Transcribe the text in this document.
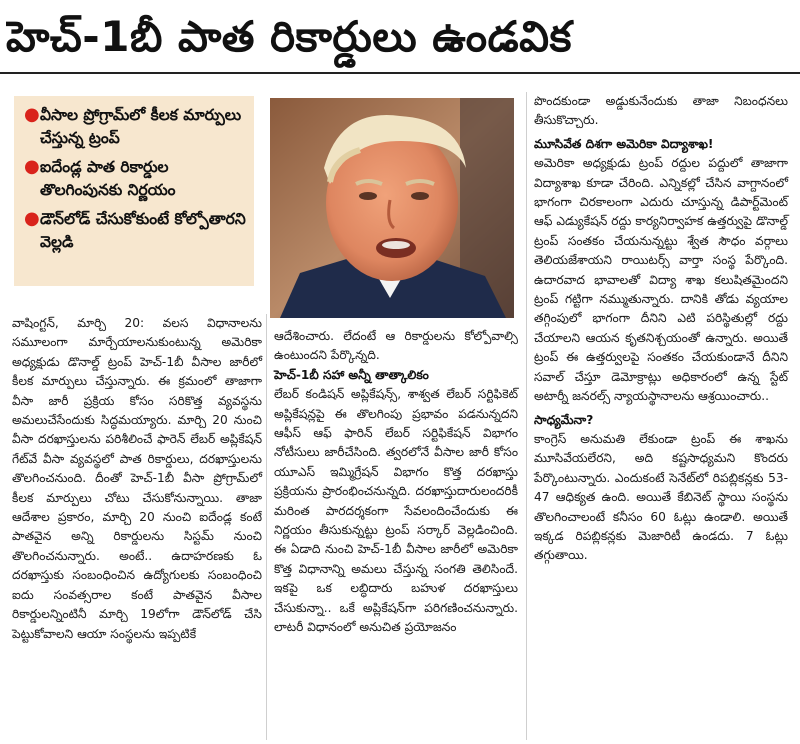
హెచ్-1బీ పాత రికార్డులు ఉండవిక
● వీసాల ప్రోగ్రామ్‌లో కీలక మార్పులు చేస్తున్న ట్రంప్
● ఐదేండ్ల పాత రికార్డుల తొలగింపునకు నిర్ణయం
● డౌన్‌లోడ్ చేసుకోకుంటే కోల్పోతారని వెల్లడి

వాషింగ్టన్, మార్చి 20: వలస విధానాలను సమూలంగా మార్చేయాలనుకుంటున్న అమెరికా అధ్యక్షుడు డొనాల్డ్ ట్రంప్ హెచ్-1బీ వీసాల జారీలో కీలక మార్పులు చేస్తున్నారు. ఈ క్రమంలో తాజాగా వీసా జారీ ప్రక్రియ కోసం సరికొత్త వ్యవస్థను అమలుచేసేందుకు సిద్ధమయ్యారు. మార్చి 20 నుంచి వీసా దరఖాస్తులను పరిశీలించే ఫారెన్ లేబర్ అప్లికేషన్ గేట్‌వే వీసా వ్యవస్థలో పాత రికార్డులు, దరఖాస్తులను తొలగించనుంది. దీంతో హెచ్-1బీ వీసా ప్రోగ్రామ్‌లో కీలక మార్పులు చోటు చేసుకోనున్నాయి. తాజా ఆదేశాల ప్రకారం, మార్చి 20 నుంచి ఐదేండ్ల కంటే పాతవైన అన్ని రికార్డులను సిస్టమ్ నుంచి తొలగించనున్నారు. అంటే.. ఉదాహరణకు ఓ దరఖాస్తుకు సంబంధించిన ఉద్యోగులకు సంబంధించి ఐదు సంవత్సరాల కంటే పాతవైన వీసాల రికార్డులన్నింటినీ మార్చి 19లోగా డౌన్‌లోడ్ చేసి పెట్టుకోవాలని ఆయా సంస్థలను ఇప్పటికే

ఆదేశించారు. లేదంటే ఆ రికార్డులను కోల్పోవాల్సి ఉంటుందని పేర్కొన్నది.

హెచ్-1బీ సహా అన్నీ తాత్కాలికం

లేబర్ కండిషన్ అప్లికేషన్స్, శాశ్వత లేబర్ సర్టిఫికెట్ అప్లికేషన్లపై ఈ తొలగింపు ప్రభావం పడనున్నదని ఆఫీస్ ఆఫ్ ఫారిన్ లేబర్ సర్టిఫికేషన్ విభాగం నోటీసులు జారీచేసింది. త్వరలోనే వీసాల జారీ కోసం యూఎస్ ఇమ్మిగ్రేషన్ విభాగం కొత్త దరఖాస్తు ప్రక్రియను ప్రారంభించనున్నది. దరఖాస్తుదారులందరికీ మరింత పారదర్శకంగా సేవలందించేందుకు ఈ నిర్ణయం తీసుకున్నట్టు ట్రంప్ సర్కార్ వెల్లడించింది. ఈ ఏడాది నుంచి హెచ్-1బీ వీసాల జారీలో అమెరికా కొత్త విధానాన్ని అమలు చేస్తున్న సంగతి తెలిసిందే. ఇకపై ఒక లబ్ధిదారు బహుళ దరఖాస్తులు చేసుకున్నా.. ఒకే అప్లికేషన్‌గా పరిగణించనున్నారు. లాటరీ విధానంలో అనుచిత ప్రయోజనం

పొందకుండా అడ్డుకునేందుకు తాజా నిబంధనలు తీసుకొచ్చారు.

మూసివేత దిశగా అమెరికా విద్యాశాఖ!

అమెరికా అధ్యక్షుడు ట్రంప్ రద్దుల పద్దులో తాజాగా విద్యాశాఖ కూడా చేరింది. ఎన్నికల్లో చేసిన వాగ్దానంలో భాగంగా చిరకాలంగా ఎదురు చూస్తున్న డిపార్ట్‌మెంట్ ఆఫ్ ఎడ్యుకేషన్ రద్దు కార్యనిర్వాహక ఉత్తర్వుపై డొనాల్డ్ ట్రంప్ సంతకం చేయనున్నట్టు శ్వేత సౌధం వర్గాలు తెలియజేశాయని రాయిటర్స్ వార్తా సంస్థ పేర్కొంది. ఉదారవాద భావాలతో విద్యా శాఖ కలుషితమైందని ట్రంప్ గట్టిగా నమ్ముతున్నారు. దానికి తోడు వ్యయాల తగ్గింపులో భాగంగా దీనిని ఎటి పరిస్థితుల్లో రద్దు చేయాలని ఆయన కృతనిశ్చయంతో ఉన్నారు. అయితే ట్రంప్ ఈ ఉత్తర్వులపై సంతకం చేయకుండానే దీనిని సవాల్ చేస్తూ డెమోక్రాట్లు అధికారంలో ఉన్న స్టేట్ అటార్నీ జనరల్స్ న్యాయస్థానాలను ఆశ్రయించారు..

సాధ్యమేనా?

కాంగ్రెస్ అనుమతి లేకుండా ట్రంప్ ఈ శాఖను మూసివేయలేరని, అది కష్టసాధ్యమని కొందరు పేర్కొంటున్నారు. ఎందుకంటే సెనేట్‌లో రిపబ్లికన్లకు 53-47 ఆధిక్యత ఉంది. అయితే కేబినెట్ స్థాయి సంస్థను తొలగించాలంటే కనీసం 60 ఓట్లు ఉండాలి. అయితే ఇక్కడ రిపబ్లికన్లకు మెజారిటీ ఉండదు. 7 ఓట్లు తగ్గుతాయి.
